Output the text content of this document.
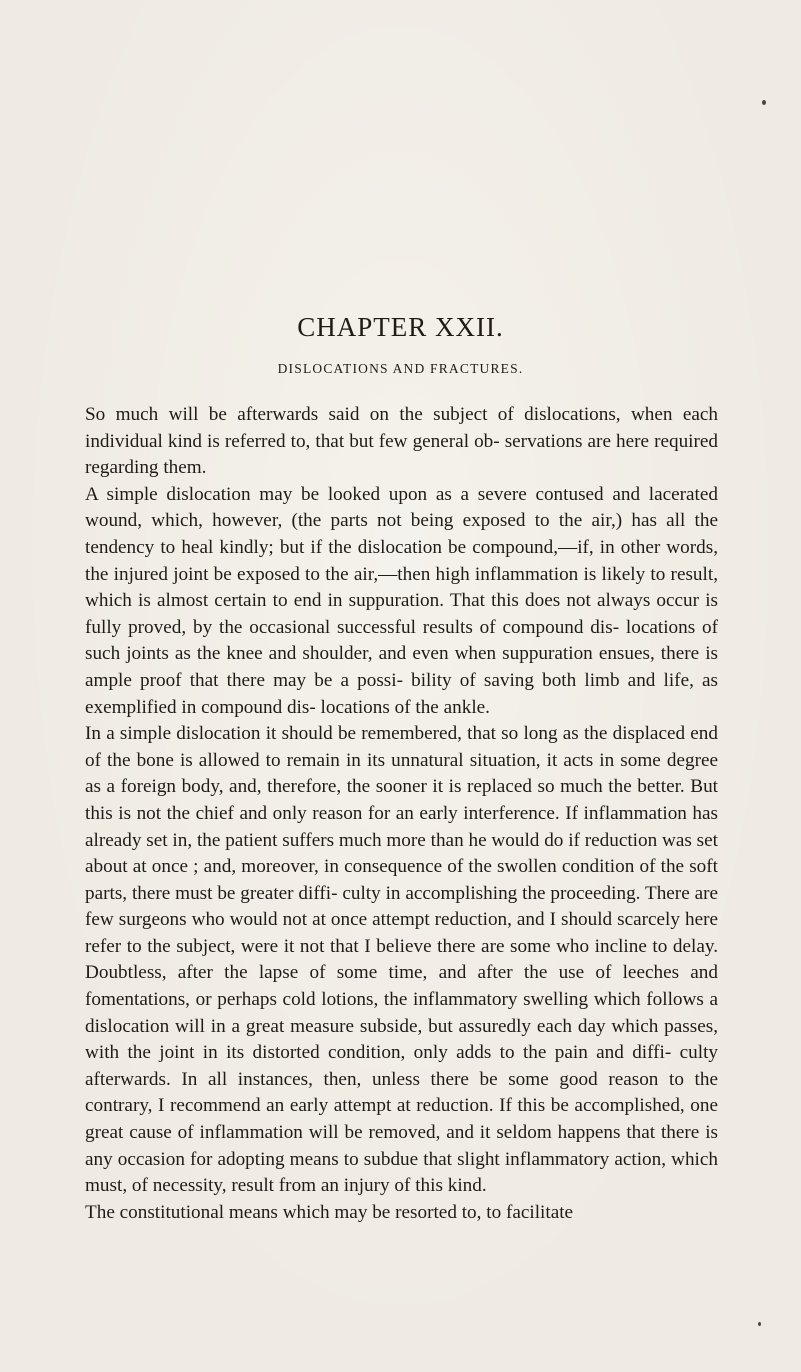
CHAPTER XXII.
DISLOCATIONS AND FRACTURES.

So much will be afterwards said on the subject of dislocations, when each individual kind is referred to, that but few general ob- servations are here required regarding them.

A simple dislocation may be looked upon as a severe contused and lacerated wound, which, however, (the parts not being exposed to the air,) has all the tendency to heal kindly; but if the dislocation be compound,—if, in other words, the injured joint be exposed to the air,—then high inflammation is likely to result, which is almost certain to end in suppuration. That this does not always occur is fully proved, by the occasional successful results of compound dis- locations of such joints as the knee and shoulder, and even when suppuration ensues, there is ample proof that there may be a possi- bility of saving both limb and life, as exemplified in compound dis- locations of the ankle.

In a simple dislocation it should be remembered, that so long as the displaced end of the bone is allowed to remain in its unnatural situation, it acts in some degree as a foreign body, and, therefore, the sooner it is replaced so much the better. But this is not the chief and only reason for an early interference. If inflammation has already set in, the patient suffers much more than he would do if reduction was set about at once ; and, moreover, in consequence of the swollen condition of the soft parts, there must be greater diffi- culty in accomplishing the proceeding. There are few surgeons who would not at once attempt reduction, and I should scarcely here refer to the subject, were it not that I believe there are some who incline to delay. Doubtless, after the lapse of some time, and after the use of leeches and fomentations, or perhaps cold lotions, the inflammatory swelling which follows a dislocation will in a great measure subside, but assuredly each day which passes, with the joint in its distorted condition, only adds to the pain and diffi- culty afterwards. In all instances, then, unless there be some good reason to the contrary, I recommend an early attempt at reduction. If this be accomplished, one great cause of inflammation will be removed, and it seldom happens that there is any occasion for adopting means to subdue that slight inflammatory action, which must, of necessity, result from an injury of this kind.

The constitutional means which may be resorted to, to facilitate
